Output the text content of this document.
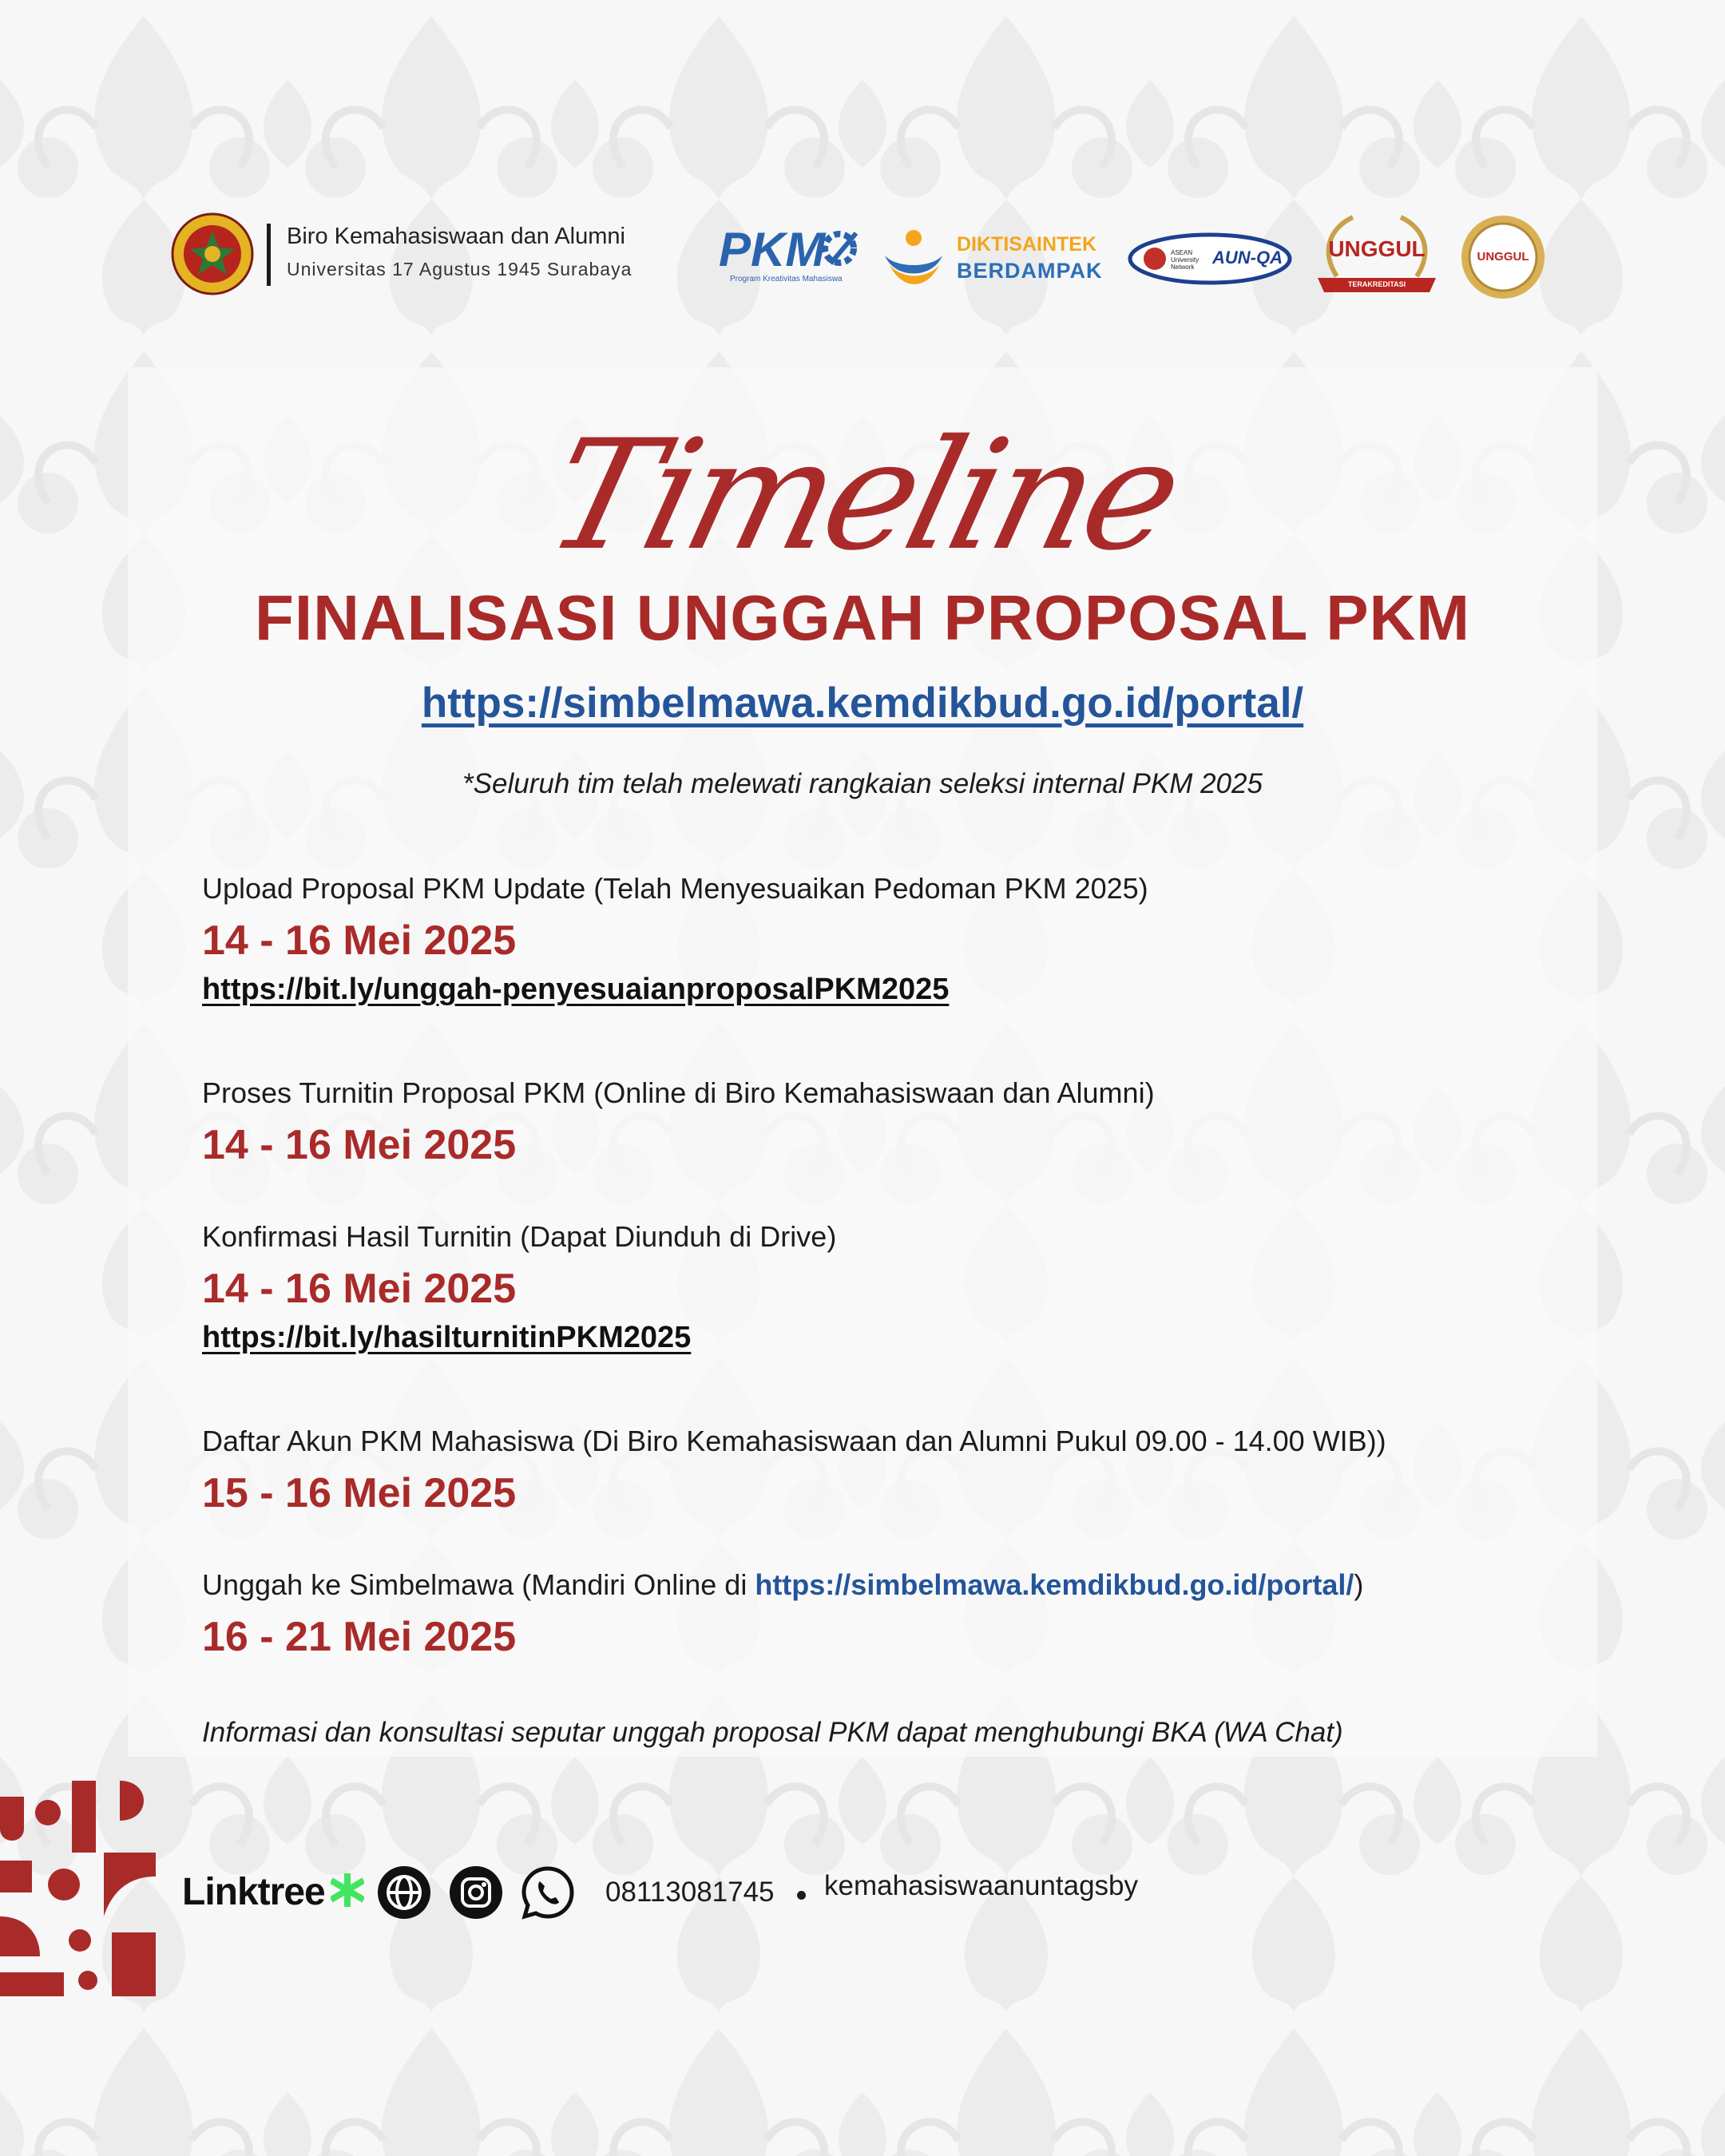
Biro Kemahasiswaan dan Alumni
Universitas 17 Agustus 1945 Surabaya PKM
Program Kreativitas Mahasiswa
DIKTISAINTEK
BERDAMPAK
ASEAN University Network	AUN-QA	UNGGUL
TERAKREDITASI
UNGGUL
Timeline
FINALISASI UNGGAH PROPOSAL PKM
https://simbelmawa.kemdikbud.go.id/portal/
*Seluruh tim telah melewati rangkaian seleksi internal PKM 2025
Upload Proposal PKM Update (Telah Menyesuaikan Pedoman PKM 2025)
14 - 16 Mei 2025
https://bit.ly/unggah-penyesuaianproposalPKM2025
Proses Turnitin Proposal PKM (Online di Biro Kemahasiswaan dan Alumni)
14 - 16 Mei 2025
Konfirmasi Hasil Turnitin (Dapat Diunduh di Drive)
14 - 16 Mei 2025
https://bit.ly/hasilturnitinPKM2025
Daftar Akun PKM Mahasiswa (Di Biro Kemahasiswaan dan Alumni Pukul 09.00 - 14.00 WIB))
15 - 16 Mei 2025
Unggah ke Simbelmawa (Mandiri Online di https://simbelmawa.kemdikbud.go.id/portal/)
16 - 21 Mei 2025
Informasi dan konsultasi seputar unggah proposal PKM dapat menghubungi BKA (WA Chat)
Linktree	08113081745 kemahasiswaanuntagsby
